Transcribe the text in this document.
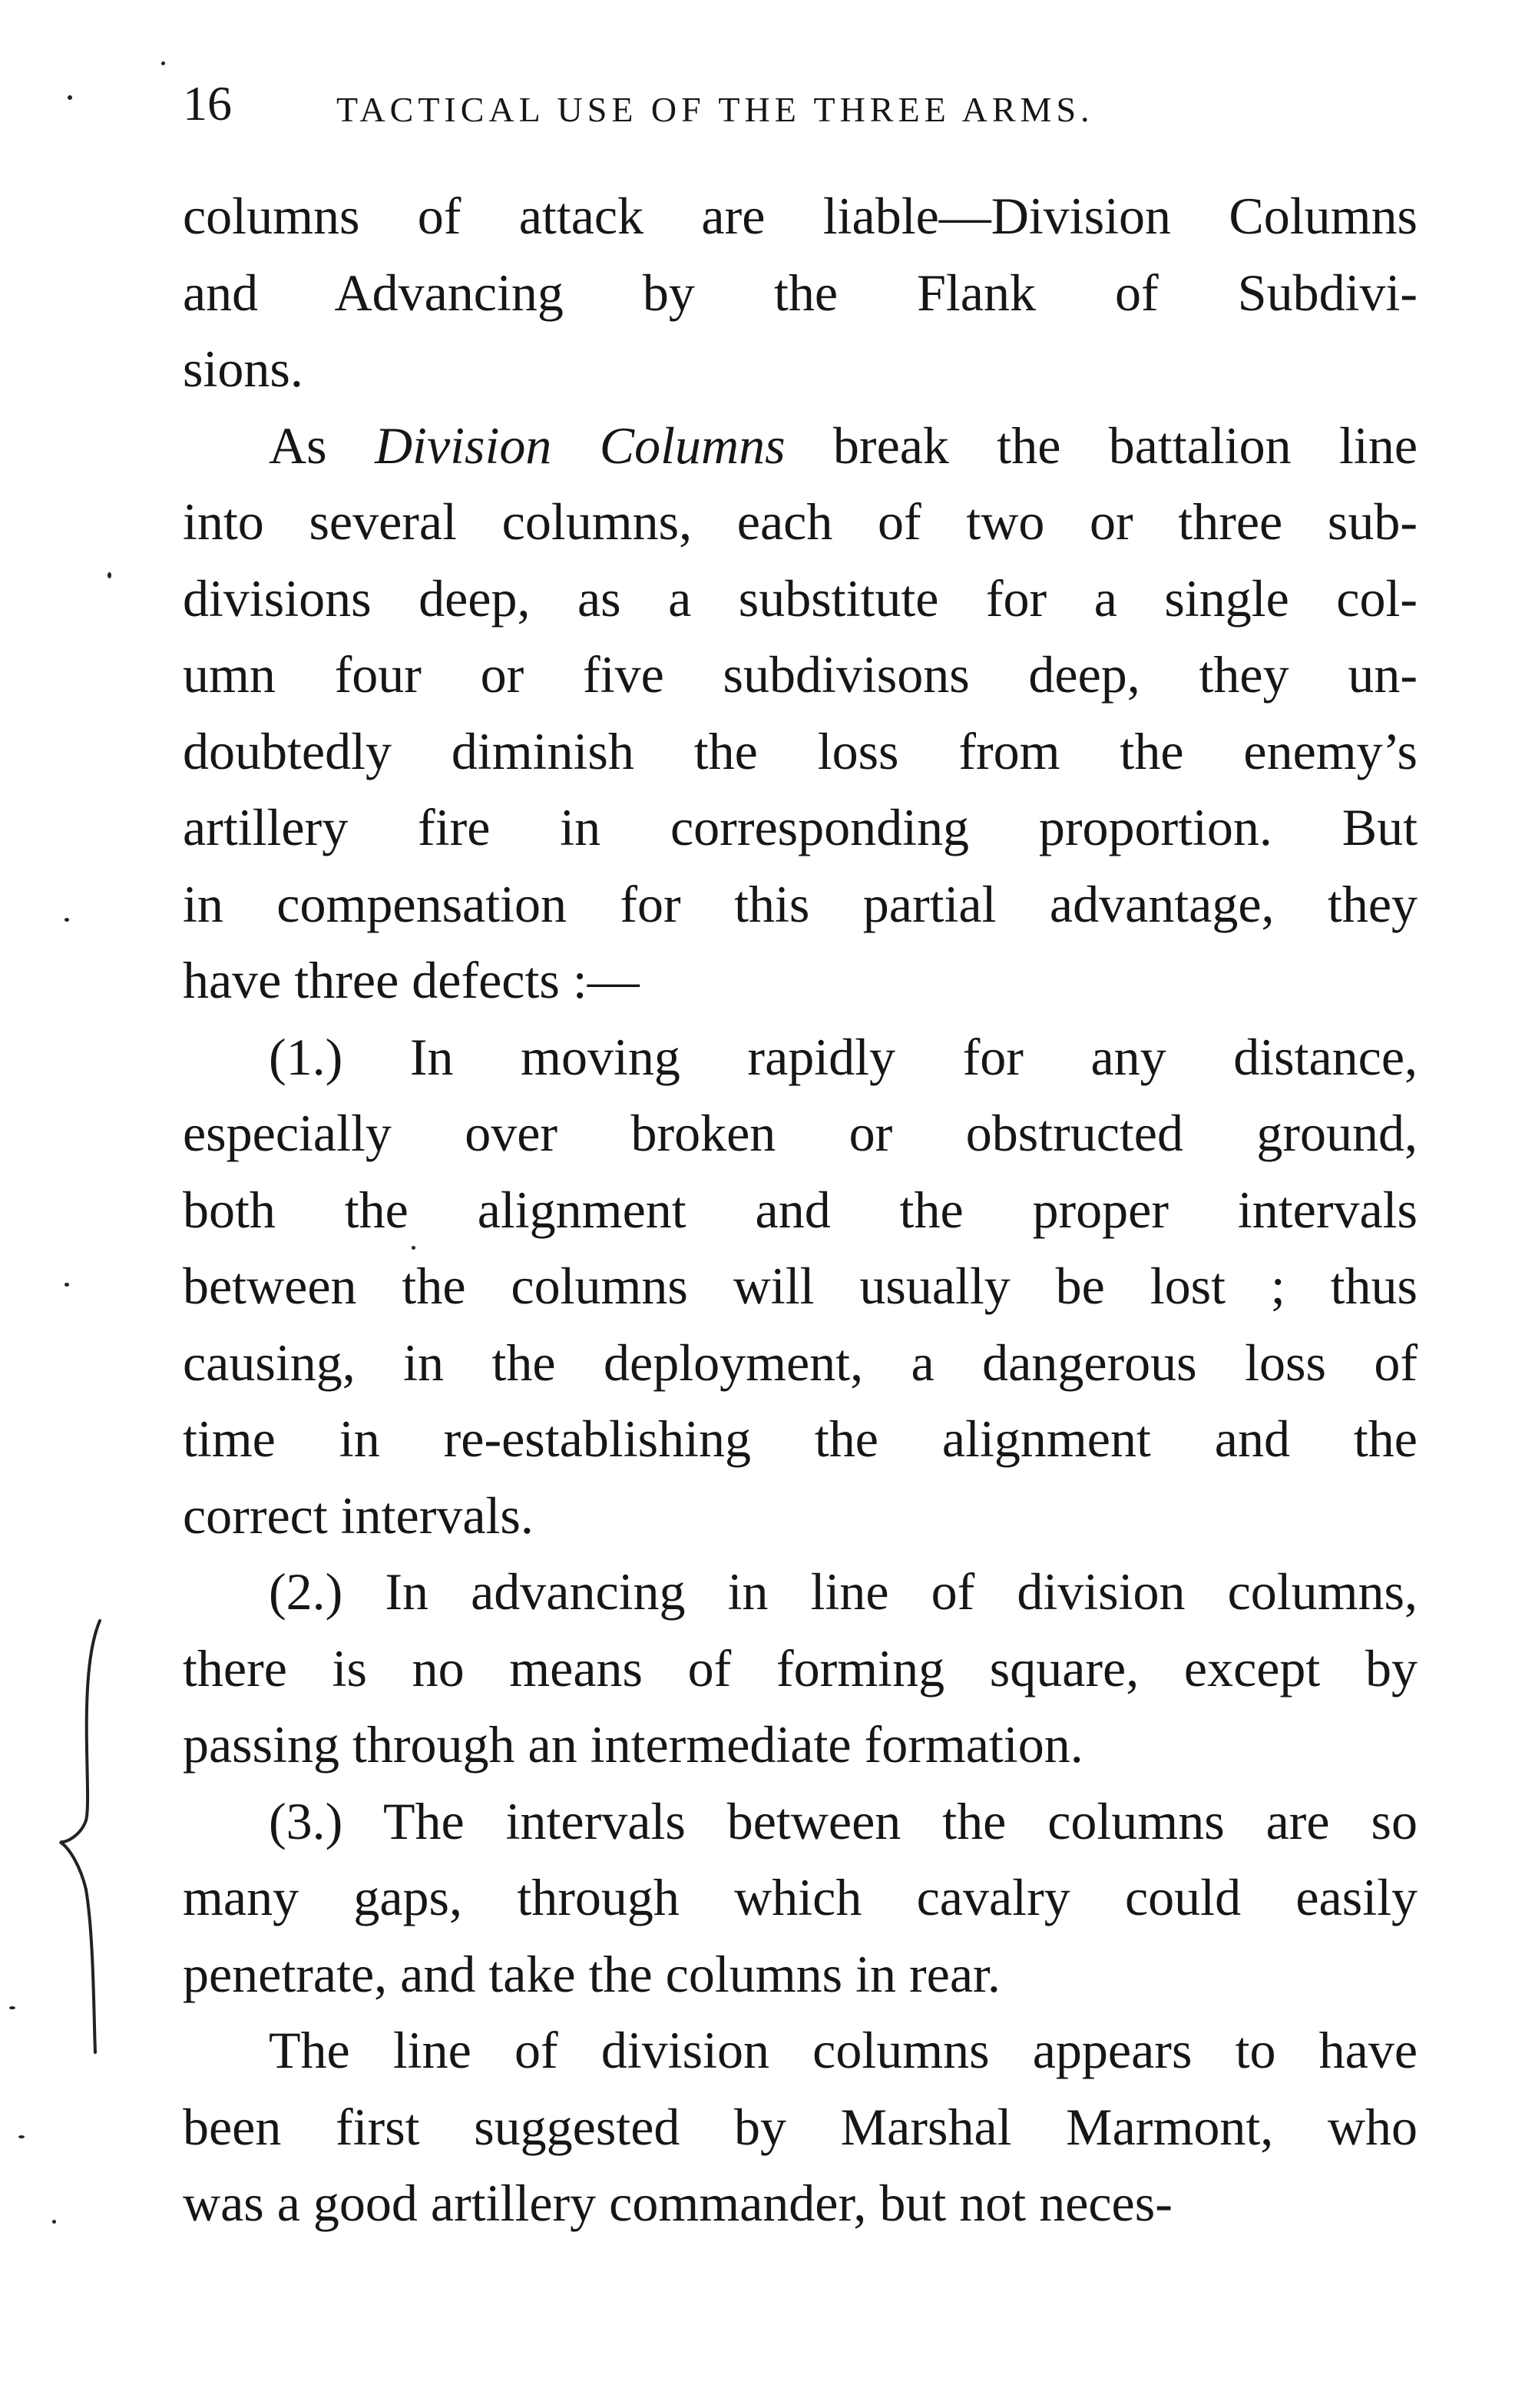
16	TACTICAL USE OF THE THREE ARMS.

columns of attack are liable—Division Columns
and Advancing by the Flank of Subdivi-
sions.

As Division Columns break the battalion line
into several columns, each of two or three sub-
divisions deep, as a substitute for a single col-
umn four or five subdivisons deep, they un-
doubtedly diminish the loss from the enemy’s
artillery fire in corresponding proportion. But
in compensation for this partial advantage, they
have three defects :—

(1.) In moving rapidly for any distance,
especially over broken or obstructed ground,
both the alignment and the proper intervals
between the columns will usually be lost ; thus
causing, in the deployment, a dangerous loss of
time in re-establishing the alignment and the
correct intervals.

(2.) In advancing in line of division columns,
there is no means of forming square, except by
passing through an intermediate formation.

(3.) The intervals between the columns are so
many gaps, through which cavalry could easily
penetrate, and take the columns in rear.

The line of division columns appears to have
been first suggested by Marshal Marmont, who
was a good artillery commander, but not neces-
